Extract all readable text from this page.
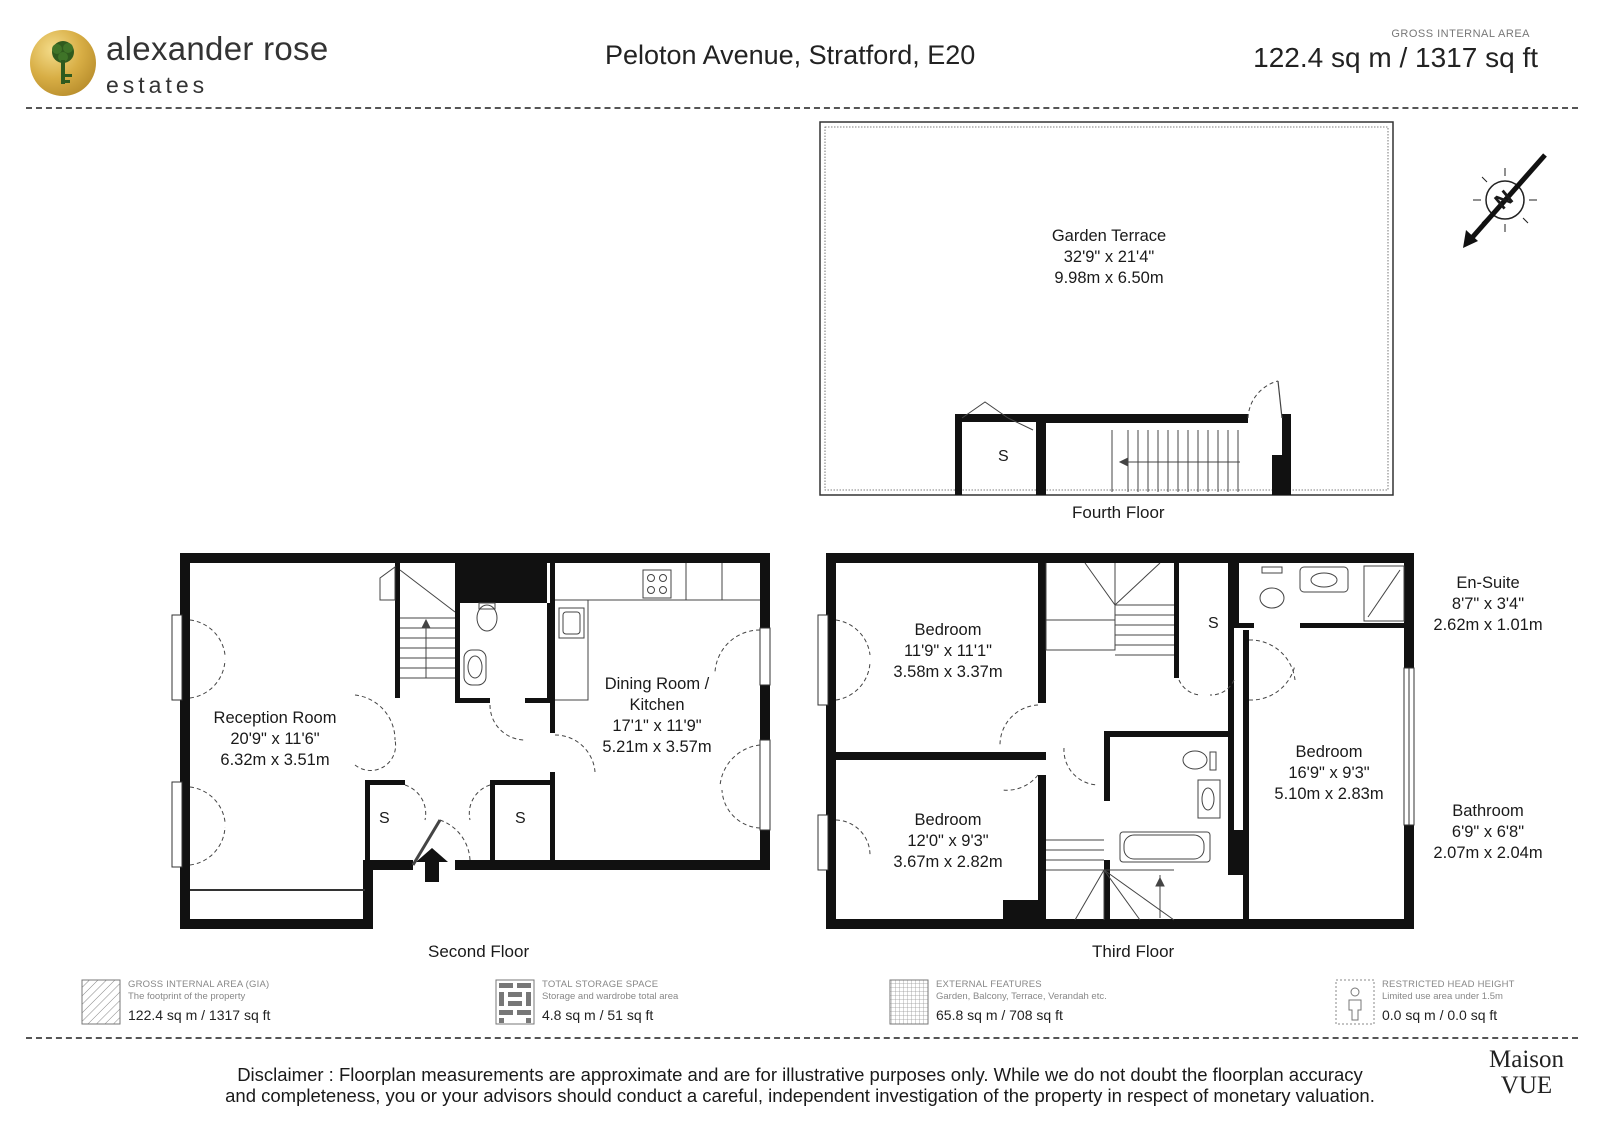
alexander rose
estates
Peloton Avenue, Stratford, E20
GROSS INTERNAL AREA
122.4 sq m / 1317 sq ft
N
Garden Terrace
32'9" x 21'4"
9.98m x 6.50m
S
Fourth Floor
Reception Room
20'9" x 11'6"
6.32m x 3.51m
Dining Room /
Kitchen
17'1" x 11'9"
5.21m x 3.57m
S	S
Second Floor
Bedroom
11'9" x 11'1"
3.58m x 3.37m
Bedroom
12'0" x 9'3"
3.67m x 2.82m
Bedroom
16'9" x 9'3"
5.10m x 2.83m
En-Suite
8'7" x 3'4"
2.62m x 1.01m
Bathroom
6'9" x 6'8"
2.07m x 2.04m
S
Third Floor
GROSS INTERNAL AREA (GIA)
The footprint of the property
122.4 sq m / 1317 sq ft
TOTAL STORAGE SPACE
Storage and wardrobe total area
4.8 sq m / 51 sq ft
EXTERNAL FEATURES
Garden, Balcony, Terrace, Verandah etc.
65.8 sq m / 708 sq ft
RESTRICTED HEAD HEIGHT
Limited use area under 1.5m
0.0 sq m / 0.0 sq ft
Disclaimer : Floorplan measurements are approximate and are for illustrative purposes only. While we do not doubt the floorplan accuracy
and completeness, you or your advisors should conduct a careful, independent investigation of the property in respect of monetary valuation.
Maison
VUE
